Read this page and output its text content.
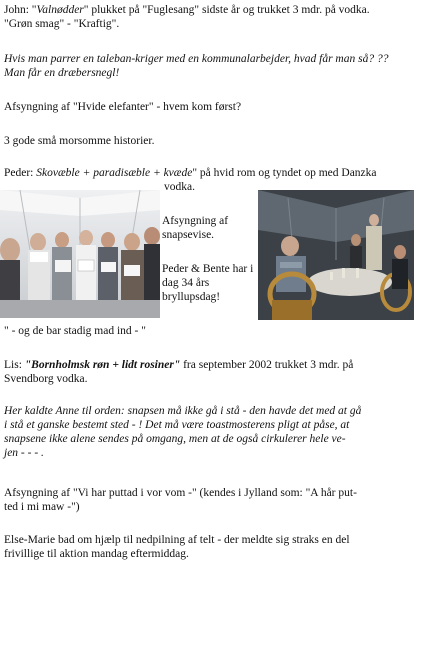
John: "Valnødder" plukket på "Fuglesang" sidste år og trukket 3 mdr. på vodka.
"Grøn smag" - "Kraftig".
Hvis man parrer en taleban-kriger med en kommunalarbejder, hvad får man så? ??
Man får en dræbersnegl!
Afsyngning af "Hvide elefanter" - hvem kom først?
3 gode små morsomme historier.
Peder: Skovæble + paradisæble + kvæde" på hvid rom og tyndet op med Danzka
vodka.
Afsyngning af snapsevise.
Peder & Bente har i dag 34 års bryllupsdag!
" - og de bar stadig mad ind - "
Lis: "Bornholmsk røn + lidt rosiner" fra september 2002 trukket 3 mdr. på
Svendborg vodka.
Her kaldte Anne til orden: snapsen må ikke gå i stå - den havde det med at gå
i stå et ganske bestemt sted - ! Det må være toastmosterens pligt at påse, at
snapsene ikke alene sendes på omgang, men at de også cirkulerer hele ve-
jen - - - .
Afsyngning af "Vi har puttad i vor vom -" (kendes i Jylland som: "A hår put-
ted i mi maw -")
Else-Marie bad om hjælp til nedpilning af telt - der meldte sig straks en del
frivillige til aktion mandag eftermiddag.
